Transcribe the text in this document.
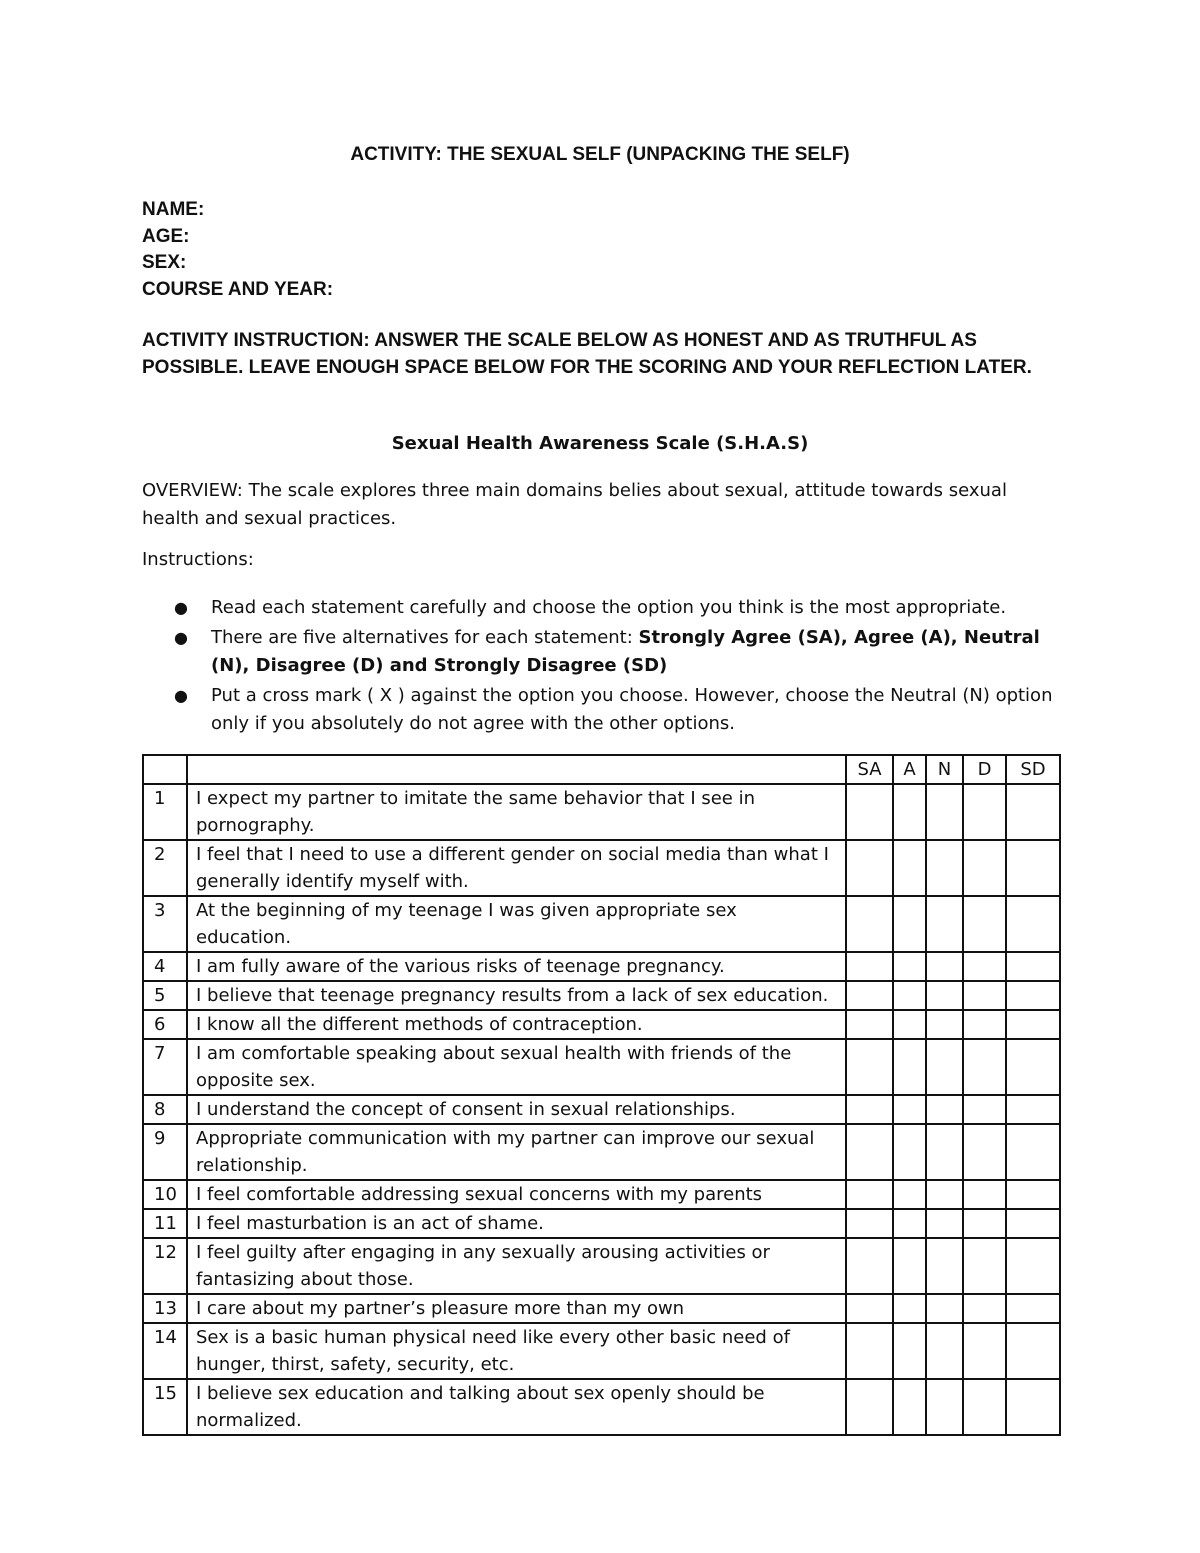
ACTIVITY: THE SEXUAL SELF (UNPACKING THE SELF)
NAME:
AGE:
SEX:
COURSE AND YEAR:
ACTIVITY INSTRUCTION: ANSWER THE SCALE BELOW AS HONEST AND AS TRUTHFUL AS POSSIBLE. LEAVE ENOUGH SPACE BELOW FOR THE SCORING AND YOUR REFLECTION LATER.
Sexual Health Awareness Scale (S.H.A.S)
OVERVIEW: The scale explores three main domains belies about sexual, attitude towards sexual health and sexual practices.
Instructions:
● Read each statement carefully and choose the option you think is the most appropriate.
● There are five alternatives for each statement: Strongly Agree (SA), Agree (A), Neutral (N), Disagree (D) and Strongly Disagree (SD)
● Put a cross mark ( X ) against the option you choose. However, choose the Neutral (N) option only if you absolutely do not agree with the other options.
		SA	A	N	D	SD
1	I expect my partner to imitate the same behavior that I see in pornography.					
2	I feel that I need to use a different gender on social media than what I generally identify myself with.					
3	At the beginning of my teenage I was given appropriate sex education.					
4	I am fully aware of the various risks of teenage pregnancy.					
5	I believe that teenage pregnancy results from a lack of sex education.					
6	I know all the different methods of contraception.					
7	I am comfortable speaking about sexual health with friends of the opposite sex.					
8	I understand the concept of consent in sexual relationships.					
9	Appropriate communication with my partner can improve our sexual relationship.					
10	I feel comfortable addressing sexual concerns with my parents					
11	I feel masturbation is an act of shame.					
12	I feel guilty after engaging in any sexually arousing activities or fantasizing about those.					
13	I care about my partner’s pleasure more than my own					
14	Sex is a basic human physical need like every other basic need of hunger, thirst, safety, security, etc.					
15	I believe sex education and talking about sex openly should be normalized.					
